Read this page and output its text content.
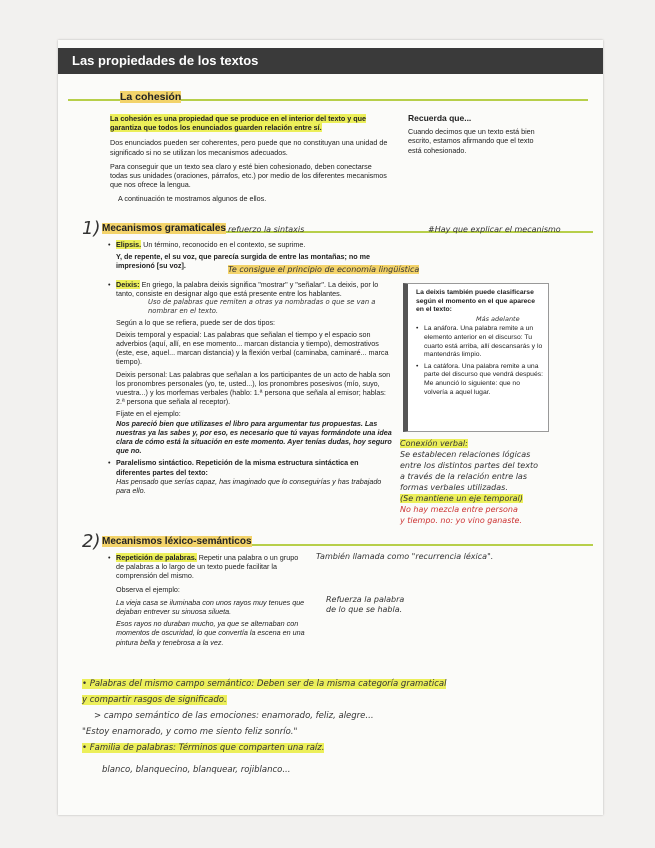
Las propiedades de los textos
La cohesión
La cohesión es una propiedad que se produce en el interior del texto y que garantiza que todos los enunciados guarden relación entre sí.
Dos enunciados pueden ser coherentes, pero puede que no constituyan una unidad de significado si no se utilizan los mecanismos adecuados.
Para conseguir que un texto sea claro y esté bien cohesionado, deben conectarse todas sus unidades (oraciones, párrafos, etc.) por medio de los diferentes mecanismos que nos ofrece la lengua.
A continuación te mostramos algunos de ellos.
Recuerda que...
Cuando decimos que un texto está bien escrito, estamos afirmando que el texto está cohesionado.
1) Mecanismos gramaticales refuerzo la sintaxis	#Hay que explicar el mecanismo
• Elipsis. Un término, reconocido en el contexto, se suprime.
Y, de repente, el su voz, que parecía surgida de entre las montañas; no me impresionó [su voz].	Te consigue el principio de economía lingüística
• Deixis: En griego, la palabra deixis significa "mostrar" y "señalar". La deixis, por lo tanto, consiste en designar algo que está presente entre los hablantes.
Uso de palabras que remiten a otras ya nombradas o que se van a nombrar en el texto.
Según a lo que se refiera, puede ser de dos tipos:
Deixis temporal y espacial: Las palabras que señalan el tiempo y el espacio son adverbios (aquí, allí, en ese momento... marcan distancia y tiempo), demostrativos (este, ese, aquel... marcan distancia) y la flexión verbal (caminaba, caminaré... marca tiempo).
Deixis personal: Las palabras que señalan a los participantes de un acto de habla son los pronombres personales (yo, te, usted...), los pronombres posesivos (mío, suyo, vuestra...) y los morfemas verbales (hablo: 1.ª persona que señala al emisor; hablas: 2.ª persona que señala al receptor).
Fíjate en el ejemplo:
Nos pareció bien que utilizases el libro para argumentar tus propuestas. Las nuestras ya las sabes y, por eso, es necesario que tú vayas formándote una idea clara de cómo está la situación en este momento. Ayer tenías dudas, hoy seguro que no.
• Paralelismo sintáctico. Repetición de la misma estructura sintáctica en diferentes partes del texto:
Has pensado que serías capaz, has imaginado que lo conseguirías y has trabajado para ello.
La deixis también puede clasificarse según el momento en el que aparece en el texto:
Más adelante
• La anáfora. Una palabra remite a un elemento anterior en el discurso: Tu cuarto está arriba, allí descansarás y lo mantendrás limpio.
• La catáfora. Una palabra remite a una parte del discurso que vendrá después: Me anunció lo siguiente: que no volvería a aquel lugar.
Conexión verbal:
Se establecen relaciones lógicas
entre los distintos partes del texto
a través de la relación entre las
formas verbales utilizadas.
(Se mantiene un eje temporal)
No hay mezcla entre persona
y tiempo. no: yo vino ganaste.
2) Mecanismos léxico-semánticos
• Repetición de palabras. Repetir una palabra o un grupo de palabras a lo largo de un texto puede facilitar la comprensión del mismo.
Observa el ejemplo:
La vieja casa se iluminaba con unos rayos muy tenues que dejaban entrever su sinuosa silueta.
Esos rayos no duraban mucho, ya que se alternaban con momentos de oscuridad, lo que convertía la escena en una pintura bella y tenebrosa a la vez.
También llamada como "recurrencia léxica".
Refuerza la palabra
de lo que se habla.
• Palabras del mismo campo semántico: Deben ser de la misma categoría gramatical
y compartir rasgos de significado.
> campo semántico de las emociones: enamorado, feliz, alegre...
"Estoy enamorado, y como me siento feliz sonrío."
• Familia de palabras: Términos que comparten una raíz.
blanco, blanquecino, blanquear, rojiblanco...
